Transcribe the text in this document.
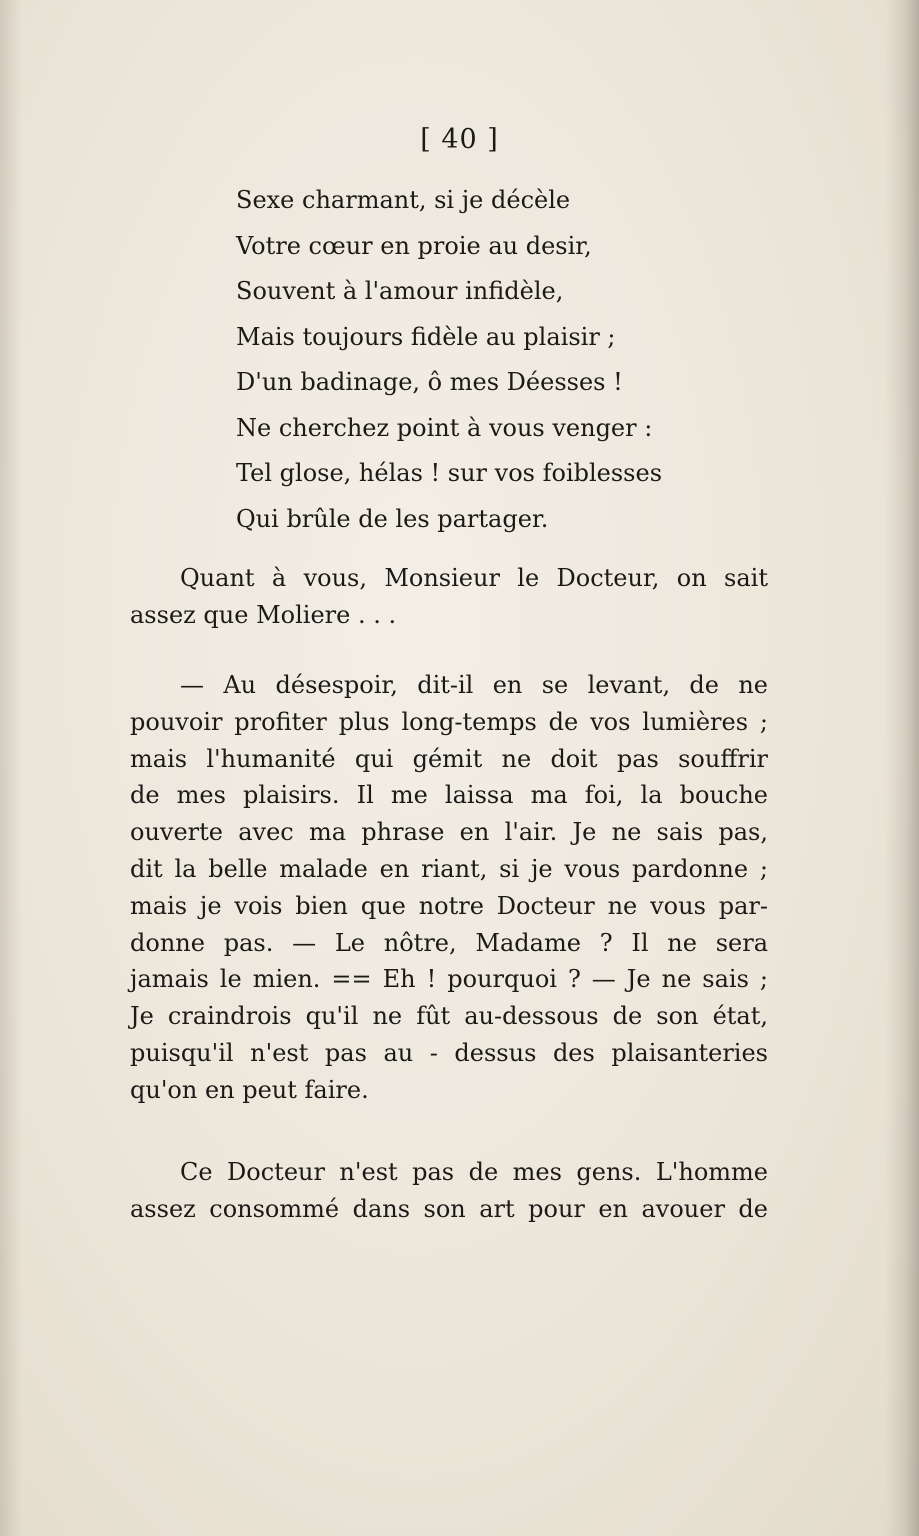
[ 40 ]
Sexe charmant, si je décèle
Votre cœur en proie au desir,
Souvent à l'amour infidèle,
Mais toujours fidèle au plaisir ;
D'un badinage, ô mes Déesses !
Ne cherchez point à vous venger :
Tel glose, hélas ! sur vos foiblesses
Qui brûle de les partager.
Quant à vous, Monsieur le Docteur, on sait
assez que Moliere . . .
— Au désespoir, dit-il en se levant, de ne
pouvoir profiter plus long-temps de vos lumières ;
mais l'humanité qui gémit ne doit pas souffrir
de mes plaisirs. Il me laissa ma foi, la bouche
ouverte avec ma phrase en l'air. Je ne sais pas,
dit la belle malade en riant, si je vous pardonne ;
mais je vois bien que notre Docteur ne vous par-
donne pas. — Le nôtre, Madame ? Il ne sera
jamais le mien. == Eh ! pourquoi ? — Je ne sais ;
Je craindrois qu'il ne fût au-dessous de son état,
puisqu'il n'est pas au - dessus des plaisanteries
qu'on en peut faire.
Ce Docteur n'est pas de mes gens. L'homme
assez consommé dans son art pour en avouer de
